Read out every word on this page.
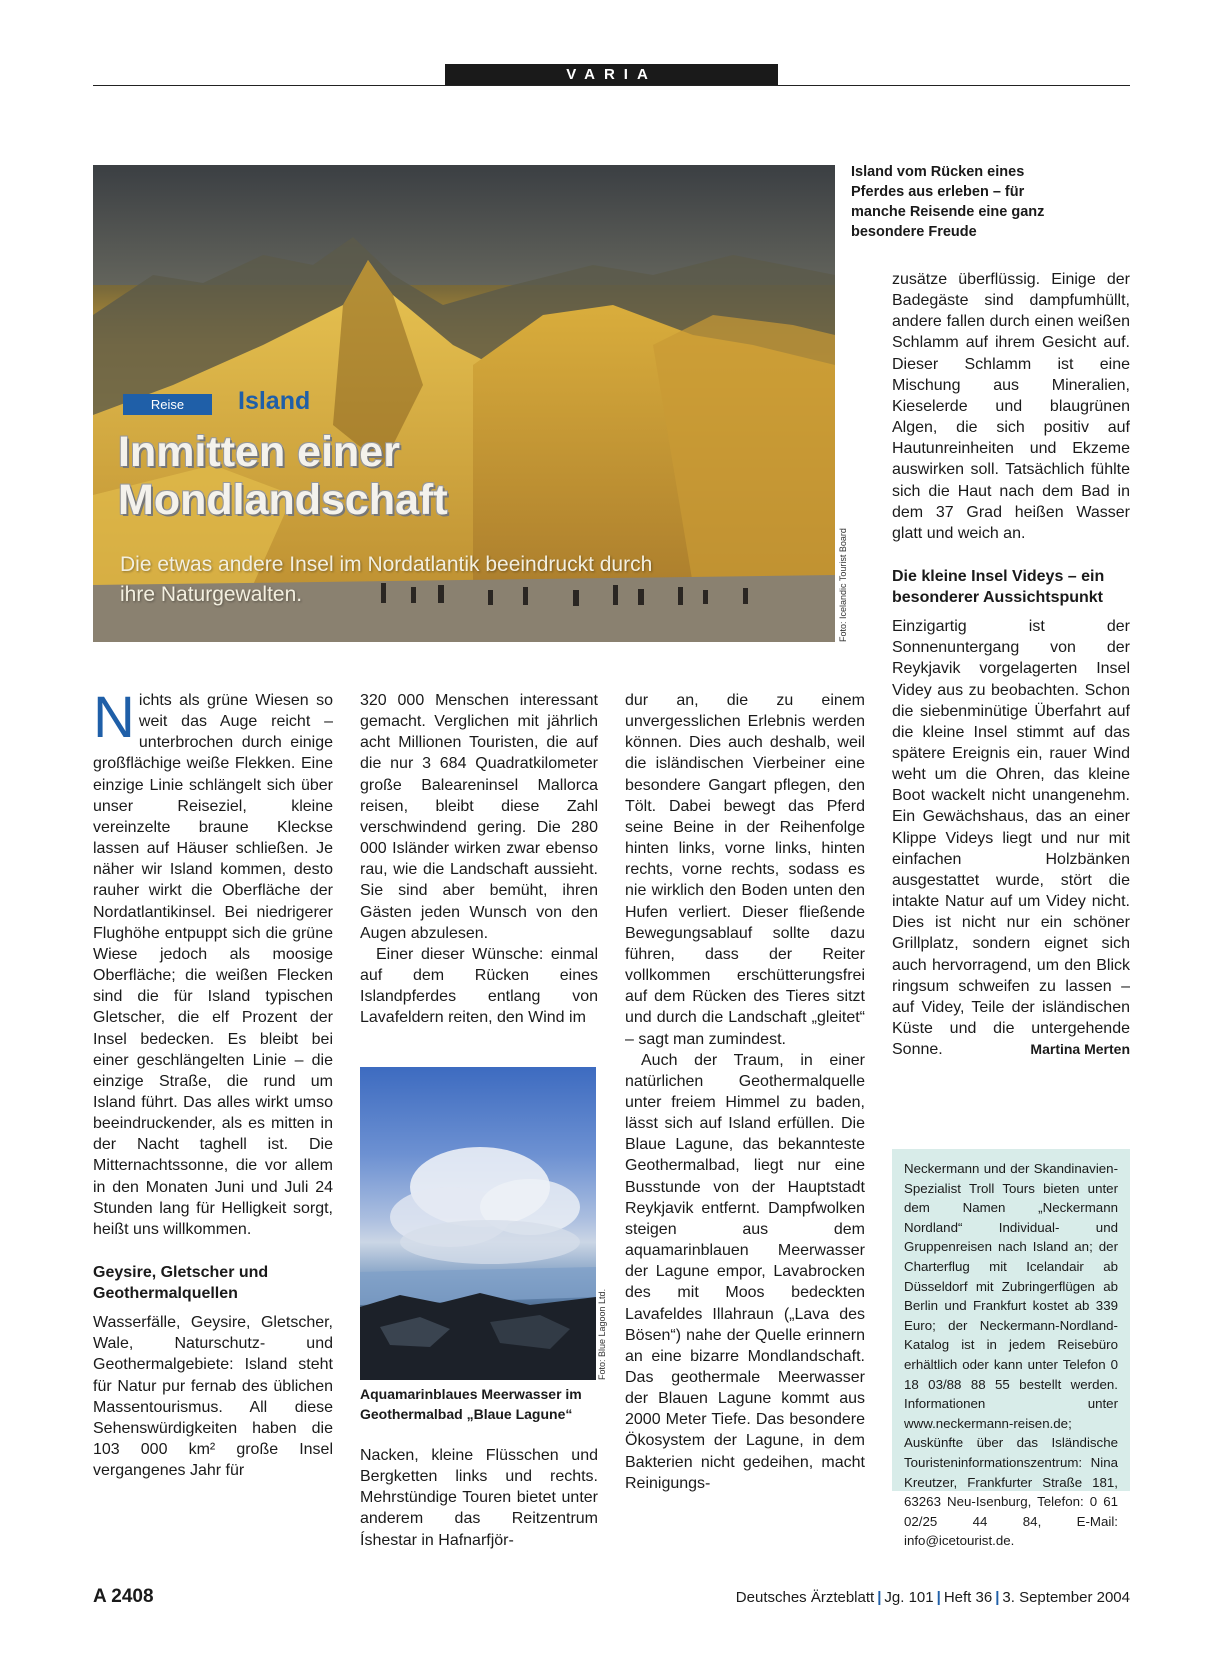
VARIA
Reise	Island
Inmitten einer Mondlandschaft
Die etwas andere Insel im Nordatlantik beeindruckt durch ihre Naturgewalten.	Foto: Icelandic Tourist Board
Island vom Rücken eines Pferdes aus erleben – für manche Reisende eine ganz besondere Freude

Nichts als grüne Wiesen so weit das Auge reicht – unterbrochen durch einige großflächige weiße Flekken. Eine einzige Linie schlängelt sich über unser Reiseziel, kleine vereinzelte braune Kleckse lassen auf Häuser schließen. Je näher wir Island kommen, desto rauher wirkt die Oberfläche der Nordatlantikinsel. Bei niedrigerer Flughöhe entpuppt sich die grüne Wiese jedoch als moosige Oberfläche; die weißen Flecken sind die für Island typischen Gletscher, die elf Prozent der Insel bedecken. Es bleibt bei einer geschlängelten Linie – die einzige Straße, die rund um Island führt. Das alles wirkt umso beeindruckender, als es mitten in der Nacht taghell ist. Die Mitternachtssonne, die vor allem in den Monaten Juni und Juli 24 Stunden lang für Helligkeit sorgt, heißt uns willkommen.

Geysire, Gletscher und Geothermalquellen

Wasserfälle, Geysire, Gletscher, Wale, Naturschutz- und Geothermalgebiete: Island steht für Natur pur fernab des üblichen Massentourismus. All diese Sehenswürdigkeiten haben die 103 000 km² große Insel vergangenes Jahr für

320 000 Menschen interessant gemacht. Verglichen mit jährlich acht Millionen Touristen, die auf die nur 3 684 Quadratkilometer große Baleareninsel Mallorca reisen, bleibt diese Zahl verschwindend gering. Die 280 000 Isländer wirken zwar ebenso rau, wie die Landschaft aussieht. Sie sind aber bemüht, ihren Gästen jeden Wunsch von den Augen abzulesen.

Einer dieser Wünsche: einmal auf dem Rücken eines Islandpferdes entlang von Lavafeldern reiten, den Wind im

Foto: Blue Lagoon Ltd.
Aquamarinblaues Meerwasser im Geothermalbad „Blaue Lagune“

Nacken, kleine Flüsschen und Bergketten links und rechts. Mehrstündige Touren bietet unter anderem das Reitzentrum Íshestar in Hafnarfjör-

dur an, die zu einem unvergesslichen Erlebnis werden können. Dies auch deshalb, weil die isländischen Vierbeiner eine besondere Gangart pflegen, den Tölt. Dabei bewegt das Pferd seine Beine in der Reihenfolge hinten links, vorne links, hinten rechts, vorne rechts, sodass es nie wirklich den Boden unten den Hufen verliert. Dieser fließende Bewegungsablauf sollte dazu führen, dass der Reiter vollkommen erschütterungsfrei auf dem Rücken des Tieres sitzt und durch die Landschaft „gleitet“ – sagt man zumindest.

Auch der Traum, in einer natürlichen Geothermalquelle unter freiem Himmel zu baden, lässt sich auf Island erfüllen. Die Blaue Lagune, das bekannteste Geothermalbad, liegt nur eine Busstunde von der Hauptstadt Reykjavik entfernt. Dampfwolken steigen aus dem aquamarinblauen Meerwasser der Lagune empor, Lavabrocken des mit Moos bedeckten Lavafeldes Illahraun („Lava des Bösen“) nahe der Quelle erinnern an eine bizarre Mondlandschaft. Das geothermale Meerwasser der Blauen Lagune kommt aus 2000 Meter Tiefe. Das besondere Ökosystem der Lagune, in dem Bakterien nicht gedeihen, macht Reinigungs-

zusätze überflüssig. Einige der Badegäste sind dampfumhüllt, andere fallen durch einen weißen Schlamm auf ihrem Gesicht auf. Dieser Schlamm ist eine Mischung aus Mineralien, Kieselerde und blaugrünen Algen, die sich positiv auf Hautunreinheiten und Ekzeme auswirken soll. Tatsächlich fühlte sich die Haut nach dem Bad in dem 37 Grad heißen Wasser glatt und weich an.

Die kleine Insel Videys – ein besonderer Aussichtspunkt

Einzigartig ist der Sonnenuntergang von der Reykjavik vorgelagerten Insel Videy aus zu beobachten. Schon die siebenminütige Überfahrt auf die kleine Insel stimmt auf das spätere Ereignis ein, rauer Wind weht um die Ohren, das kleine Boot wackelt nicht unangenehm. Ein Gewächshaus, das an einer Klippe Videys liegt und nur mit einfachen Holzbänken ausgestattet wurde, stört die intakte Natur auf um Videy nicht. Dies ist nicht nur ein schöner Grillplatz, sondern eignet sich auch hervorragend, um den Blick ringsum schweifen zu lassen – auf Videy, Teile der isländischen Küste und die untergehende Sonne.	Martina Merten

Neckermann und der Skandinavien-Spezialist Troll Tours bieten unter dem Namen „Neckermann Nordland“ Individual- und Gruppenreisen nach Island an; der Charterflug mit Icelandair ab Düsseldorf mit Zubringerflügen ab Berlin und Frankfurt kostet ab 339 Euro; der Neckermann-Nordland-Katalog ist in jedem Reisebüro erhältlich oder kann unter Telefon 0 18 03/88 88 55 bestellt werden. Informationen unter www.neckermann-reisen.de; Auskünfte über das Isländische Touristeninformationszentrum: Nina Kreutzer, Frankfurter Straße 181, 63263 Neu-Isenburg, Telefon: 0 61 02/25 44 84, E-Mail: info@icetourist.de.
A 2408	Deutsches Ärzteblatt | Jg. 101 | Heft 36 | 3. September 2004
